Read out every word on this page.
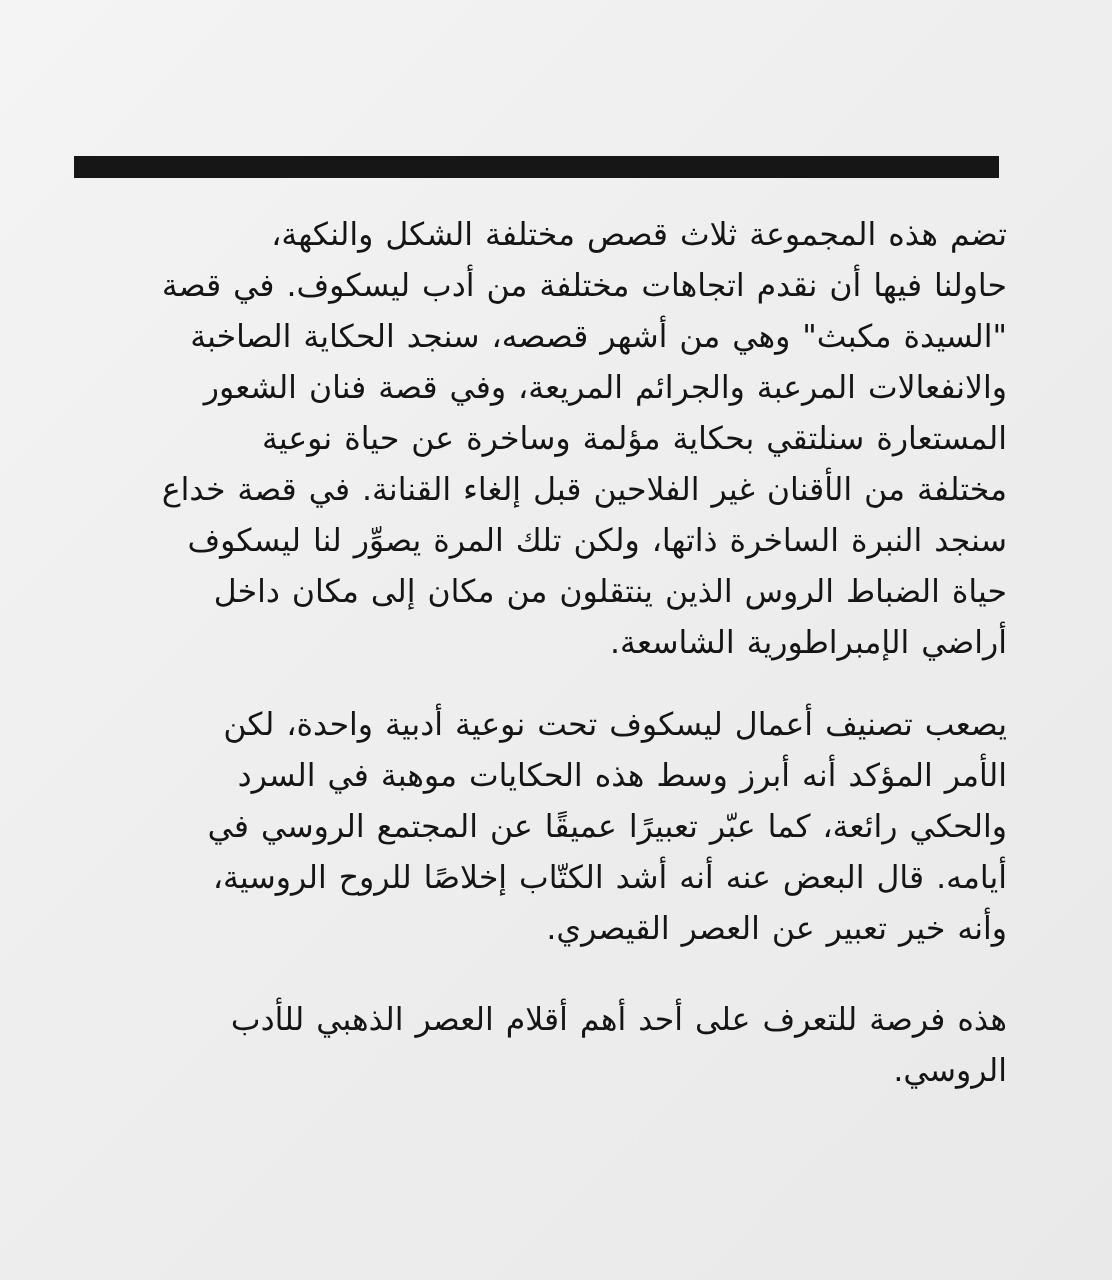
تضم هذه المجموعة ثلاث قصص مختلفة الشكل والنكهة،
حاولنا فيها أن نقدم اتجاهات مختلفة من أدب ليسكوف. في قصة
"السيدة مكبث" وهي من أشهر قصصه، سنجد الحكاية الصاخبة
والانفعالات المرعبة والجرائم المريعة، وفي قصة فنان الشعور
المستعارة سنلتقي بحكاية مؤلمة وساخرة عن حياة نوعية
مختلفة من الأقنان غير الفلاحين قبل إلغاء القنانة. في قصة خداع
سنجد النبرة الساخرة ذاتها، ولكن تلك المرة يصوِّر لنا ليسكوف
حياة الضباط الروس الذين ينتقلون من مكان إلى مكان داخل
أراضي الإمبراطورية الشاسعة.
يصعب تصنيف أعمال ليسكوف تحت نوعية أدبية واحدة، لكن
الأمر المؤكد أنه أبرز وسط هذه الحكايات موهبة في السرد
والحكي رائعة، كما عبّر تعبيرًا عميقًا عن المجتمع الروسي في
أيامه. قال البعض عنه أنه أشد الكتّاب إخلاصًا للروح الروسية،
وأنه خير تعبير عن العصر القيصري.
هذه فرصة للتعرف على أحد أهم أقلام العصر الذهبي للأدب
الروسي.
